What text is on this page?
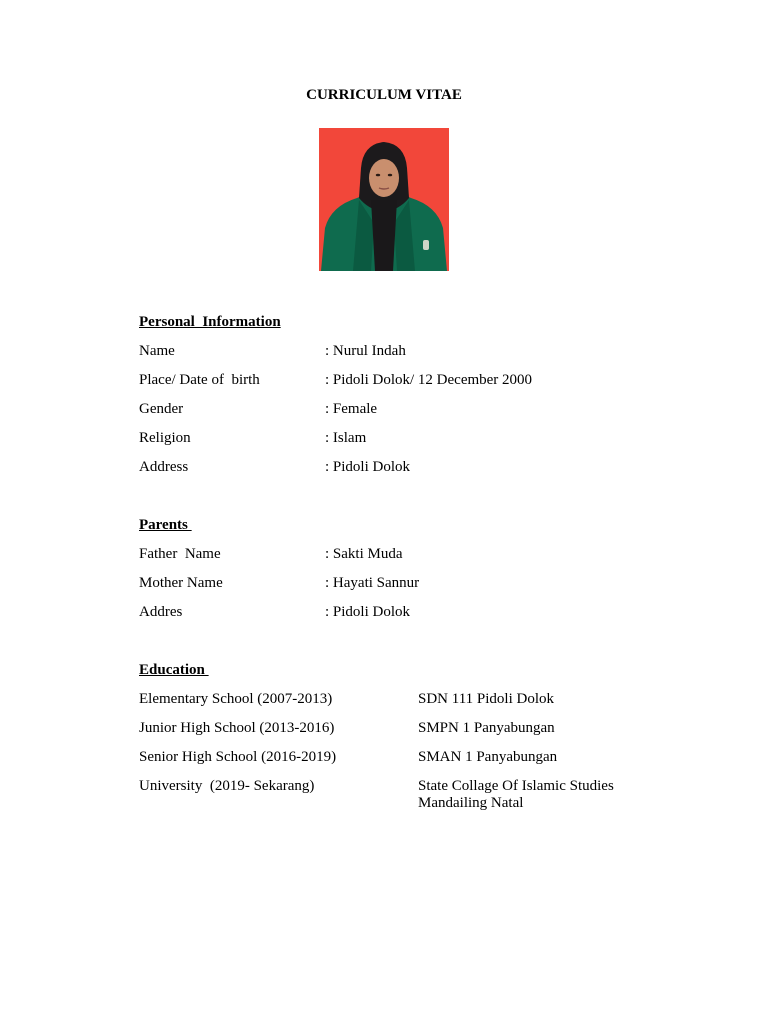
CURRICULUM VITAE
Personal  Information
Name	: Nurul Indah
Place/ Date of  birth	: Pidoli Dolok/ 12 December 2000
Gender	: Female
Religion	: Islam
Address	: Pidoli Dolok
Parents
Father  Name	: Sakti Muda
Mother Name	: Hayati Sannur
Addres	: Pidoli Dolok
Education
Elementary School (2007-2013)	SDN 111 Pidoli Dolok
Junior High School (2013-2016)	SMPN 1 Panyabungan
Senior High School (2016-2019)	SMAN 1 Panyabungan
University  (2019- Sekarang)	State Collage Of Islamic Studies Mandailing Natal
